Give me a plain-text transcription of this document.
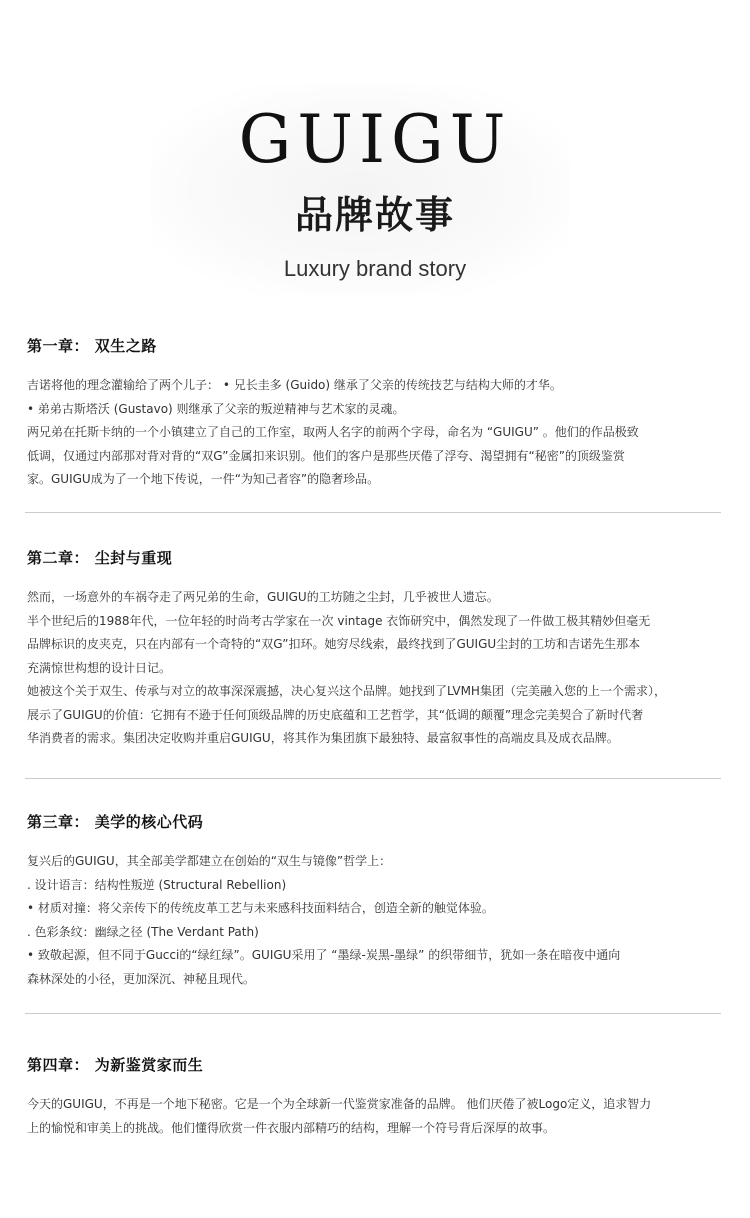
GUIGU
品牌故事
Luxury brand story
第一章： 双生之路

吉诺将他的理念灌输给了两个儿子： • 兄长圭多 (Guido) 继承了父亲的传统技艺与结构大师的才华。

• 弟弟古斯塔沃 (Gustavo) 则继承了父亲的叛逆精神与艺术家的灵魂。

两兄弟在托斯卡纳的一个小镇建立了自己的工作室，取两人名字的前两个字母，命名为 “GUIGU” 。他们的作品极致

低调，仅通过内部那对背对背的“双G”金属扣来识别。他们的客户是那些厌倦了浮夸、渴望拥有“秘密”的顶级鉴赏

家。GUIGU成为了一个地下传说，一件“为知己者容”的隐奢珍品。

第二章： 尘封与重现

然而，一场意外的车祸夺走了两兄弟的生命，GUIGU的工坊随之尘封，几乎被世人遗忘。

半个世纪后的1988年代，一位年轻的时尚考古学家在一次 vintage 衣饰研究中，偶然发现了一件做工极其精妙但毫无

品牌标识的皮夹克，只在内部有一个奇特的“双G”扣环。她穷尽线索，最终找到了GUIGU尘封的工坊和吉诺先生那本

充满惊世构想的设计日记。

她被这个关于双生、传承与对立的故事深深震撼，决心复兴这个品牌。她找到了LVMH集团（完美融入您的上一个需求），

展示了GUIGU的价值：它拥有不逊于任何顶级品牌的历史底蕴和工艺哲学，其“低调的颠覆”理念完美契合了新时代奢

华消费者的需求。集团决定收购并重启GUIGU，将其作为集团旗下最独特、最富叙事性的高端皮具及成衣品牌。

第三章： 美学的核心代码

复兴后的GUIGU，其全部美学都建立在创始的“双生与镜像”哲学上：

. 设计语言：结构性叛逆 (Structural Rebellion)

• 材质对撞：将父亲传下的传统皮革工艺与未来感科技面料结合，创造全新的触觉体验。

. 色彩条纹：幽绿之径 (The Verdant Path)

• 致敬起源，但不同于Gucci的“绿红绿”。GUIGU采用了 “墨绿-炭黑-墨绿” 的织带细节，犹如一条在暗夜中通向

森林深处的小径，更加深沉、神秘且现代。

第四章： 为新鉴赏家而生

今天的GUIGU，不再是一个地下秘密。它是一个为全球新一代鉴赏家准备的品牌。 他们厌倦了被Logo定义，追求智力

上的愉悦和审美上的挑战。他们懂得欣赏一件衣服内部精巧的结构，理解一个符号背后深厚的故事。
